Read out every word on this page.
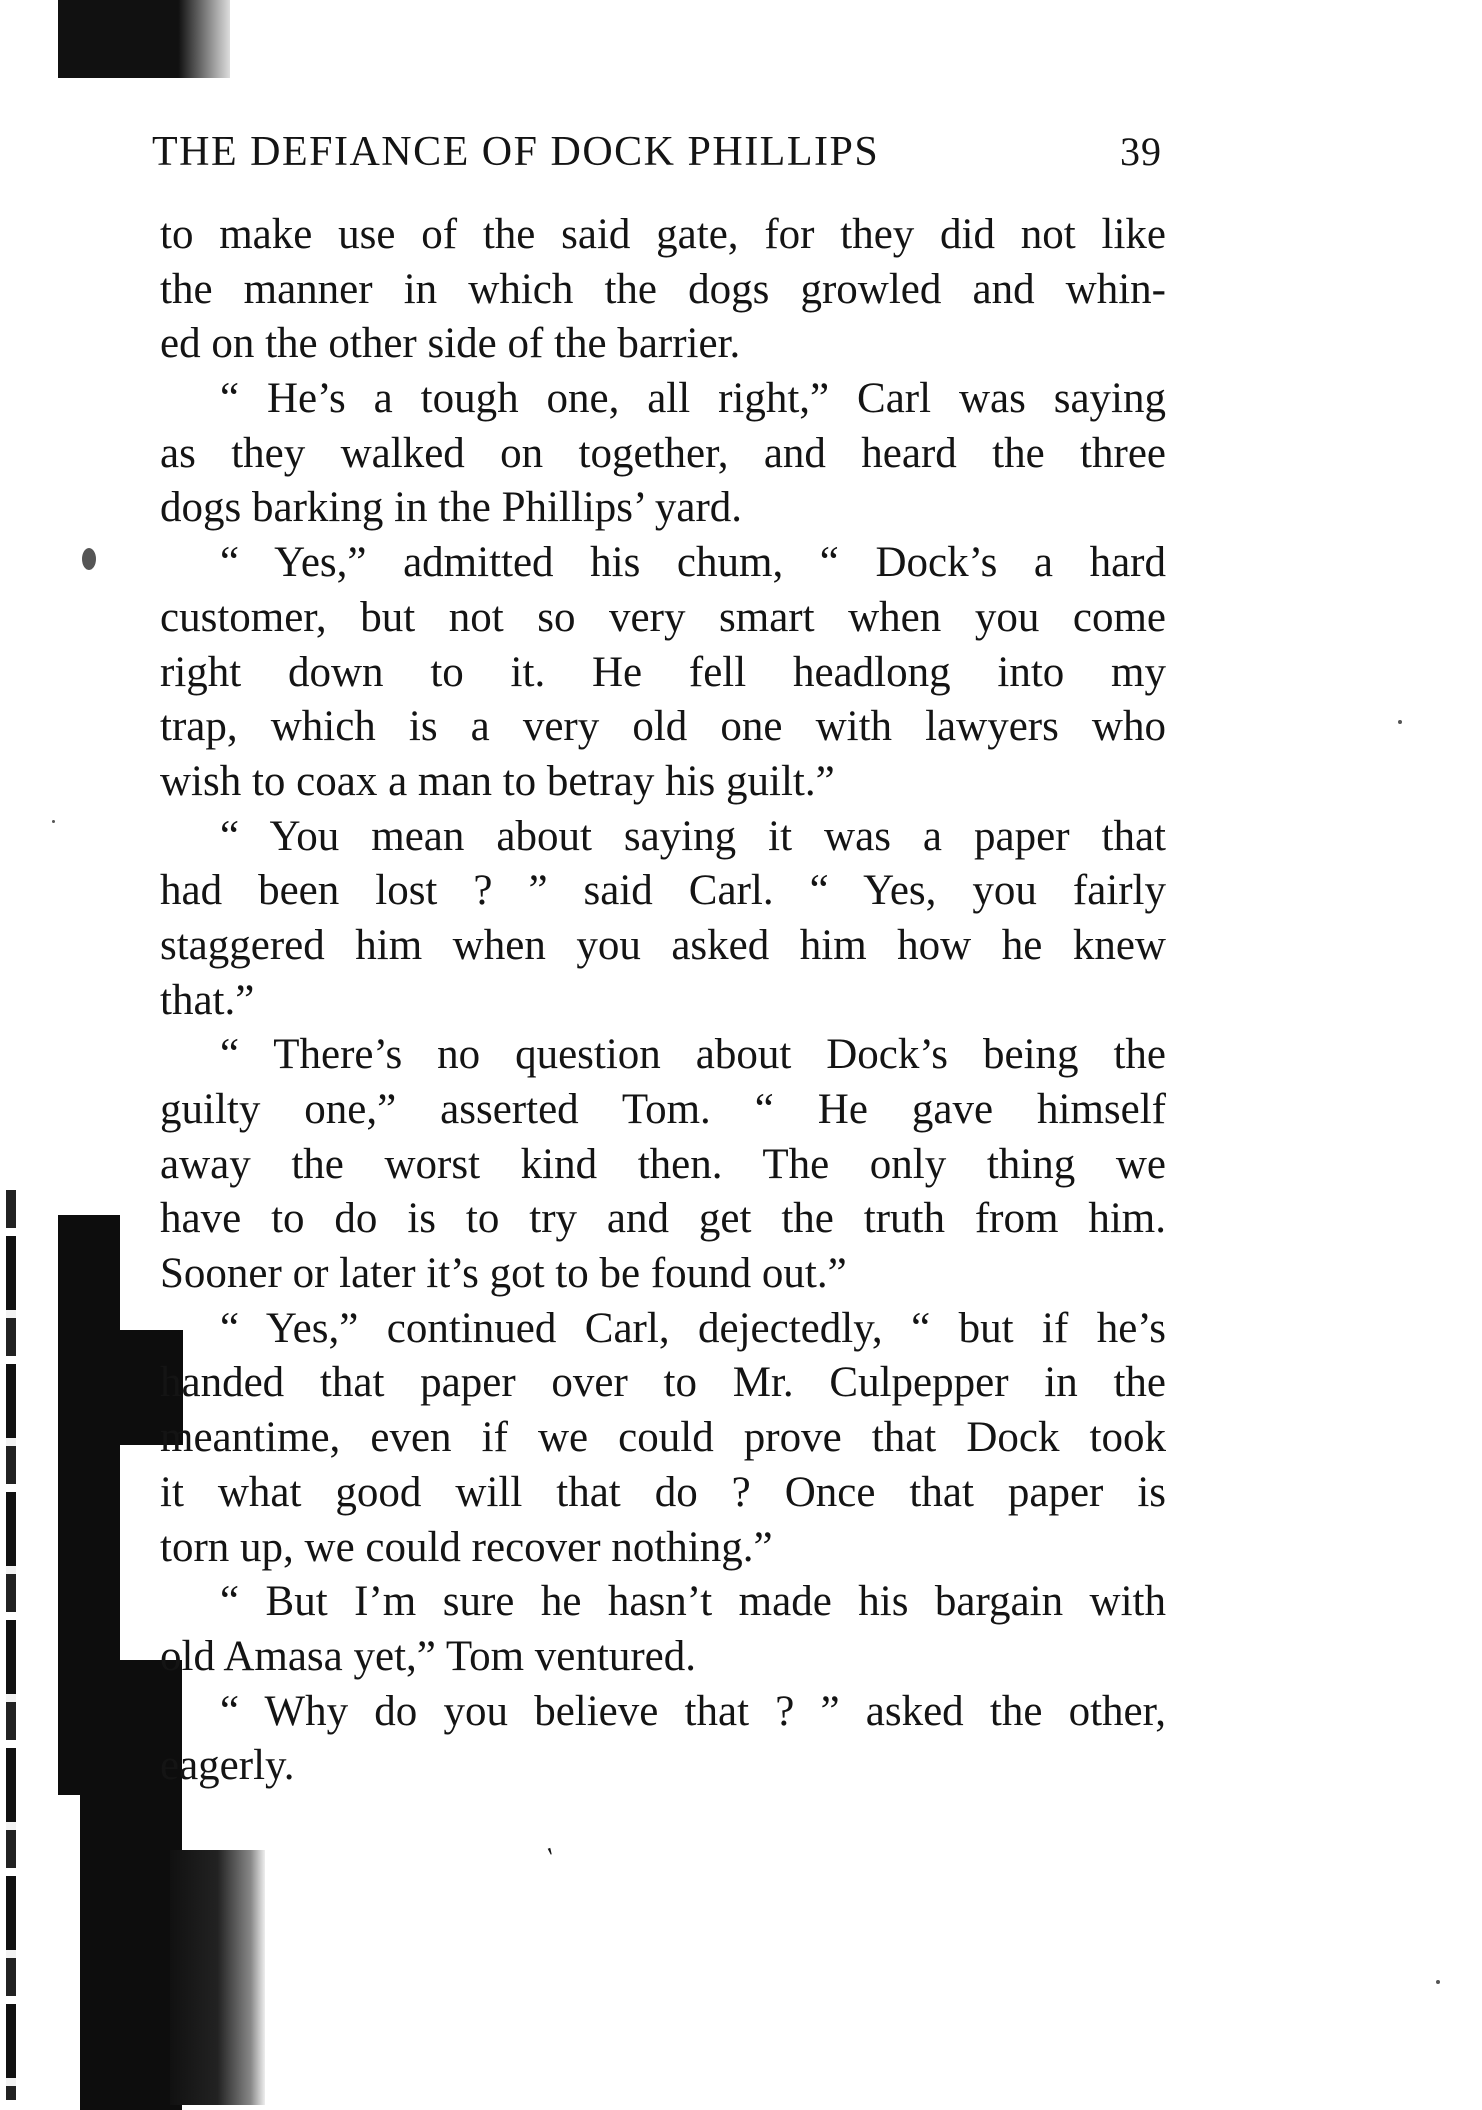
'
THE DEFIANCE OF DOCK PHILLIPS	39
to make use of the said gate, for they did not like
the manner in which the dogs growled and whin-
ed on the other side of the barrier.
“ He’s a tough one, all right,” Carl was saying
as they walked on together, and heard the three
dogs barking in the Phillips’ yard.
“ Yes,” admitted his chum, “ Dock’s a hard
customer, but not so very smart when you come
right down to it. He fell headlong into my
trap, which is a very old one with lawyers who
wish to coax a man to betray his guilt.”
“ You mean about saying it was a paper that
had been lost ? ” said Carl. “ Yes, you fairly
staggered him when you asked him how he knew
that.”
“ There’s no question about Dock’s being the
guilty one,” asserted Tom. “ He gave himself
away the worst kind then. The only thing we
have to do is to try and get the truth from him.
Sooner or later it’s got to be found out.”
“ Yes,” continued Carl, dejectedly, “ but if he’s
handed that paper over to Mr. Culpepper in the
meantime, even if we could prove that Dock took
it what good will that do ? Once that paper is
torn up, we could recover nothing.”
“ But I’m sure he hasn’t made his bargain with
old Amasa yet,” Tom ventured.
“ Why do you believe that ? ” asked the other,
eagerly.
